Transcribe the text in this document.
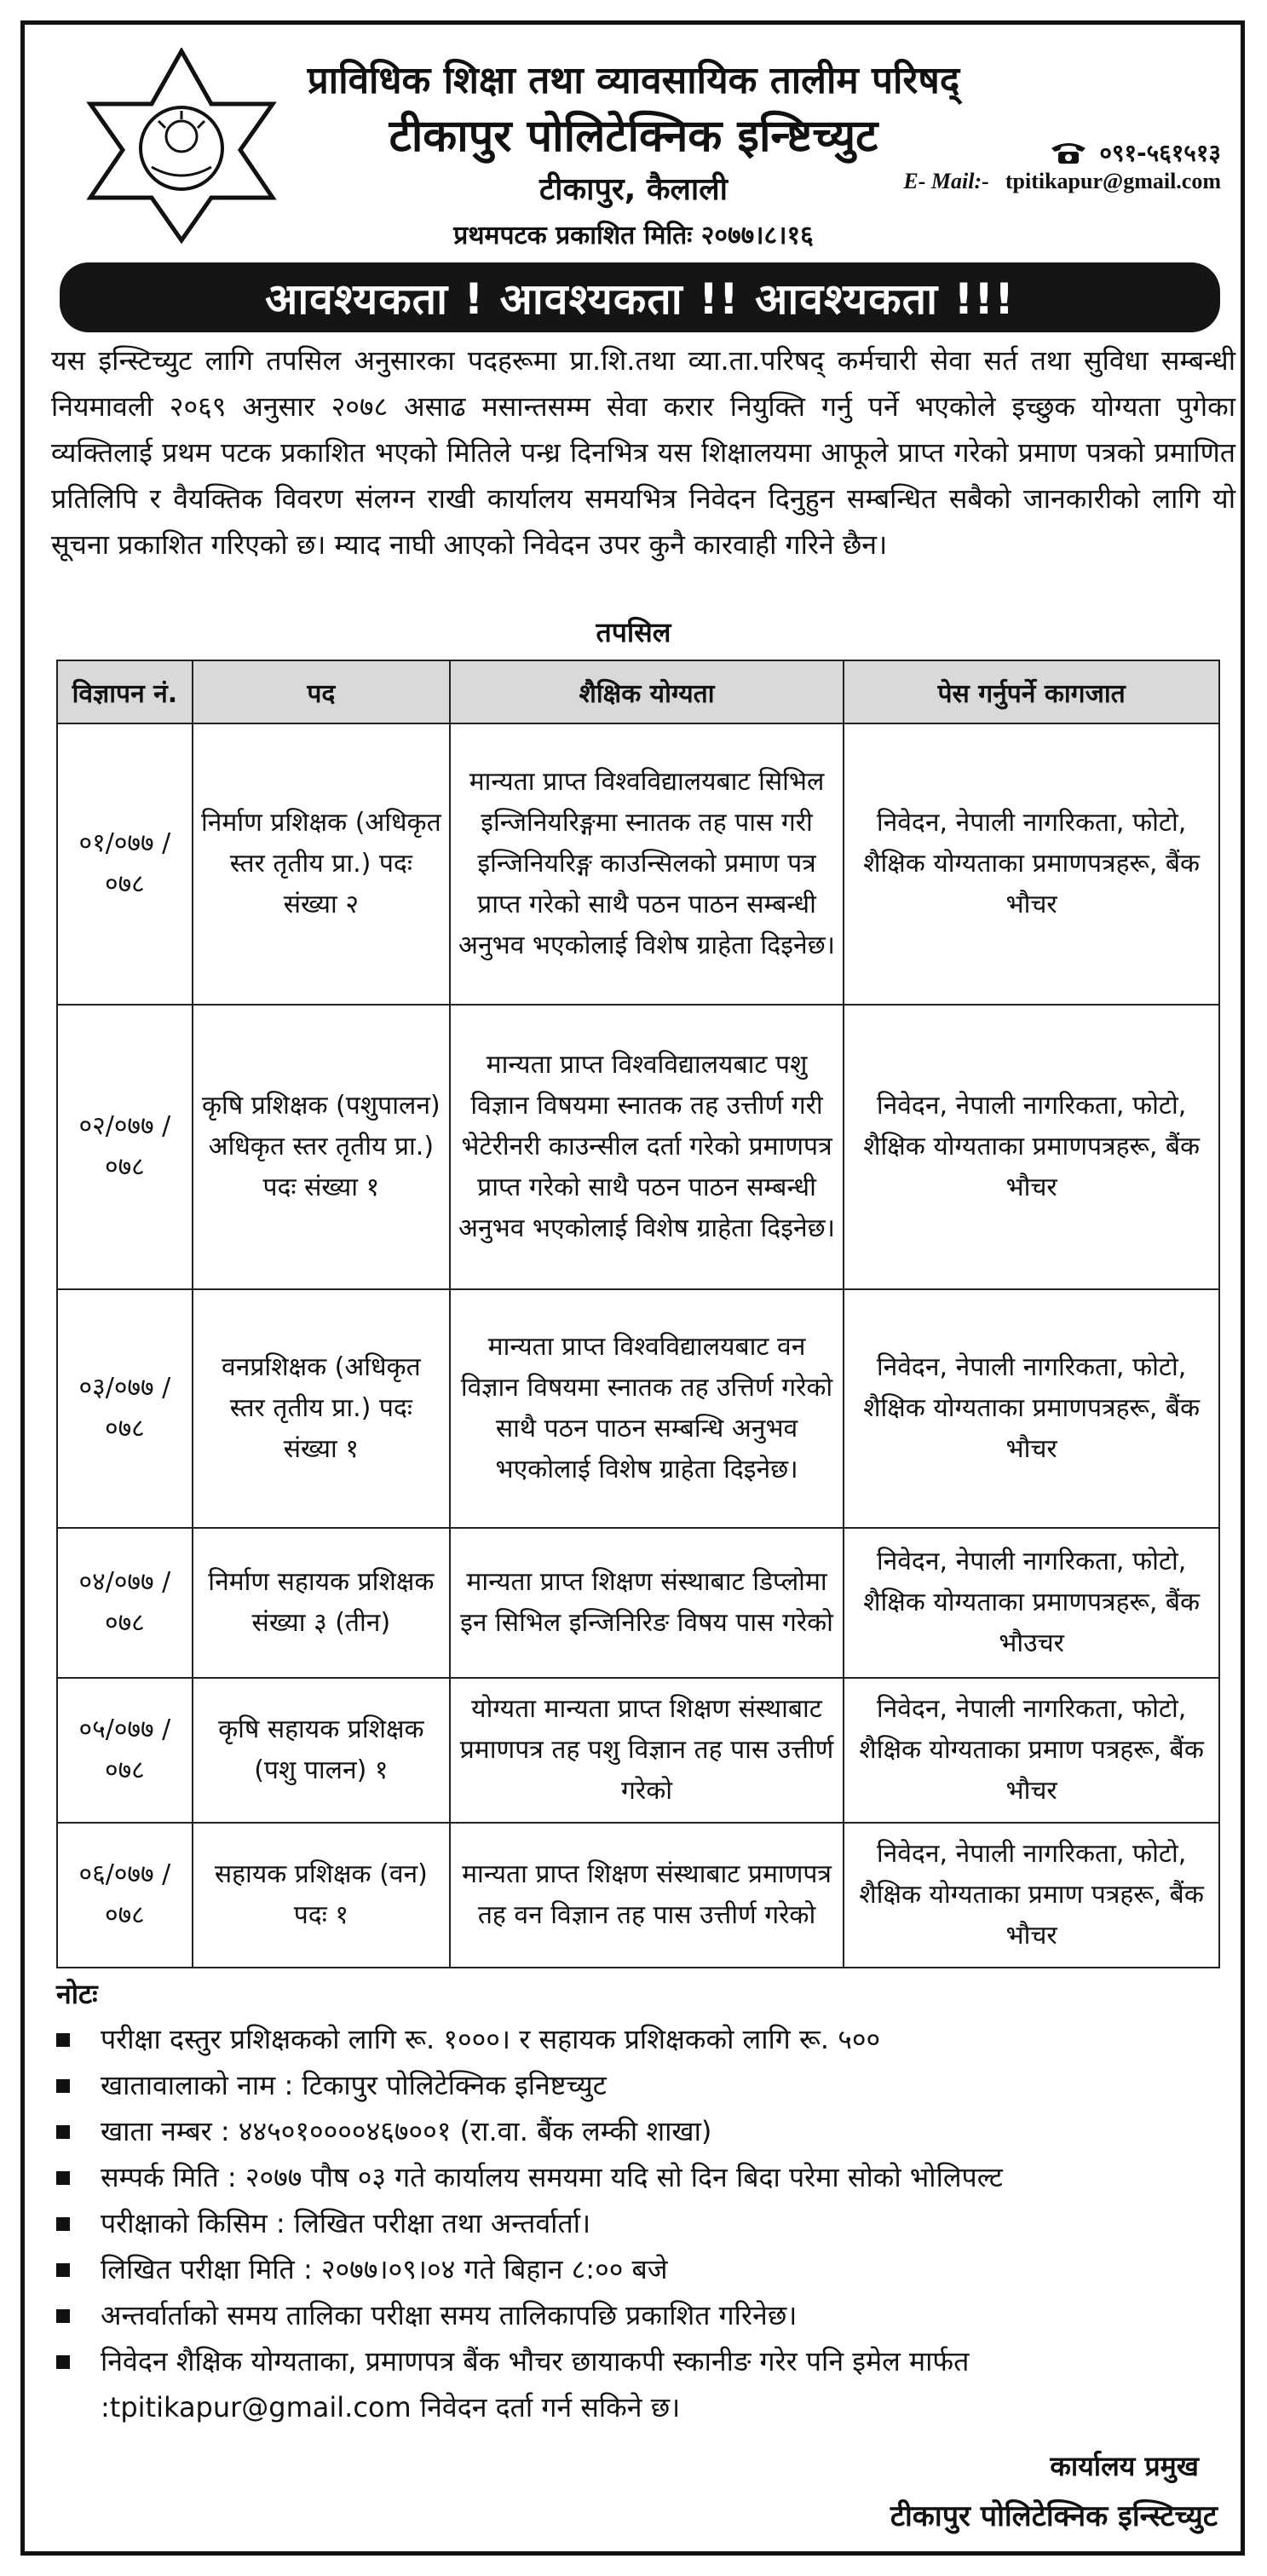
प्राविधिक शिक्षा तथा व्यावसायिक तालीम परिषद्
टीकापुर पोलिटेक्निक इन्ष्टिच्युट
टीकापुर, कैलाली
प्रथमपटक प्रकाशित मितिः २०७७।८।१६
०९१-५६१५१३
E- Mail:- tpitikapur@gmail.com
आवश्यकता ! आवश्यकता !! आवश्यकता !!!
यस इन्स्टिच्युट लागि तपसिल अनुसारका पदहरूमा प्रा.शि.तथा व्या.ता.परिषद् कर्मचारी सेवा सर्त तथा सुविधा सम्बन्धी नियमावली २०६९ अनुसार २०७८ असाढ मसान्तसम्म सेवा करार नियुक्ति गर्नु पर्ने भएकोले इच्छुक योग्यता पुगेका व्यक्तिलाई प्रथम पटक प्रकाशित भएको मितिले पन्ध्र दिनभित्र यस शिक्षालयमा आफूले प्राप्त गरेको प्रमाण पत्रको प्रमाणित प्रतिलिपि र वैयक्तिक विवरण संलग्न राखी कार्यालय समयभित्र निवेदन दिनुहुन सम्बन्धित सबैको जानकारीको लागि यो सूचना प्रकाशित गरिएको छ। म्याद नाघी आएको निवेदन उपर कुनै कारवाही गरिने छैन।
तपसिल
विज्ञापन नं.	पद	शैक्षिक योग्यता	पेस गर्नुपर्ने कागजात
०१/०७७ /०७८	निर्माण प्रशिक्षक (अधिकृत स्तर तृतीय प्रा.) पदः संख्या २	मान्यता प्राप्त विश्वविद्यालयबाट सिभिल इन्जिनियरिङ्गमा स्नातक तह पास गरी इन्जिनियरिङ्ग काउन्सिलको प्रमाण पत्र प्राप्त गरेको साथै पठन पाठन सम्बन्धी अनुभव भएकोलाई विशेष ग्राहेता दिइनेछ।	निवेदन, नेपाली नागरिकता, फोटो, शैक्षिक योग्यताका प्रमाणपत्रहरू, बैंक भौचर
०२/०७७ /०७८	कृषि प्रशिक्षक (पशुपालन) अधिकृत स्तर तृतीय प्रा.) पदः संख्या १	मान्यता प्राप्त विश्वविद्यालयबाट पशु विज्ञान विषयमा स्नातक तह उत्तीर्ण गरी भेटेरीनरी काउन्सील दर्ता गरेको प्रमाणपत्र प्राप्त गरेको साथै पठन पाठन सम्बन्धी अनुभव भएकोलाई विशेष ग्राहेता दिइनेछ।	निवेदन, नेपाली नागरिकता, फोटो, शैक्षिक योग्यताका प्रमाणपत्रहरू, बैंक भौचर
०३/०७७ /०७८	वनप्रशिक्षक (अधिकृत स्तर तृतीय प्रा.) पदः संख्या १	मान्यता प्राप्त विश्वविद्यालयबाट वन विज्ञान विषयमा स्नातक तह उत्तिर्ण गरेको साथै पठन पाठन सम्बन्धि अनुभव भएकोलाई विशेष ग्राहेता दिइनेछ।	निवेदन, नेपाली नागरिकता, फोटो, शैक्षिक योग्यताका प्रमाणपत्रहरू, बैंक भौचर
०४/०७७ /०७८	निर्माण सहायक प्रशिक्षक संख्या ३ (तीन)	मान्यता प्राप्त शिक्षण संस्थाबाट डिप्लोमा इन सिभिल इन्जिनिरिङ विषय पास गरेको	निवेदन, नेपाली नागरिकता, फोटो, शैक्षिक योग्यताका प्रमाणपत्रहरू, बैंक भौउचर
०५/०७७ /०७८	कृषि सहायक प्रशिक्षक (पशु पालन) १	योग्यता मान्यता प्राप्त शिक्षण संस्थाबाट प्रमाणपत्र तह पशु विज्ञान तह पास उत्तीर्ण गरेको	निवेदन, नेपाली नागरिकता, फोटो, शैक्षिक योग्यताका प्रमाण पत्रहरू, बैंक भौचर
०६/०७७ /०७८	सहायक प्रशिक्षक (वन) पदः १	मान्यता प्राप्त शिक्षण संस्थाबाट प्रमाणपत्र तह वन विज्ञान तह पास उत्तीर्ण गरेको	निवेदन, नेपाली नागरिकता, फोटो, शैक्षिक योग्यताका प्रमाण पत्रहरू, बैंक भौचर
नोटः
परीक्षा दस्तुर प्रशिक्षकको लागि रू. १०००। र सहायक प्रशिक्षकको लागि रू. ५००
खातावालाको नाम : टिकापुर पोलिटेक्निक इनिष्टच्युट
खाता नम्बर : ४४५०१००००४६७००१ (रा.वा. बैंक लम्की शाखा)
सम्पर्क मिति : २०७७ पौष ०३ गते कार्यालय समयमा यदि सो दिन बिदा परेमा सोको भोलिपल्ट
परीक्षाको किसिम : लिखित परीक्षा तथा अन्तर्वार्ता।
लिखित परीक्षा मिति : २०७७।०९।०४ गते बिहान ८:०० बजे
अन्तर्वार्ताको समय तालिका परीक्षा समय तालिकापछि प्रकाशित गरिनेछ।
निवेदन शैक्षिक योग्यताका, प्रमाणपत्र बैंक भौचर छायाकपी स्कानीङ गरेर पनि इमेल मार्फत :tpitikapur@gmail.com निवेदन दर्ता गर्न सकिने छ।
कार्यालय प्रमुख
टीकापुर पोलिटेक्निक इन्स्टिच्युट
